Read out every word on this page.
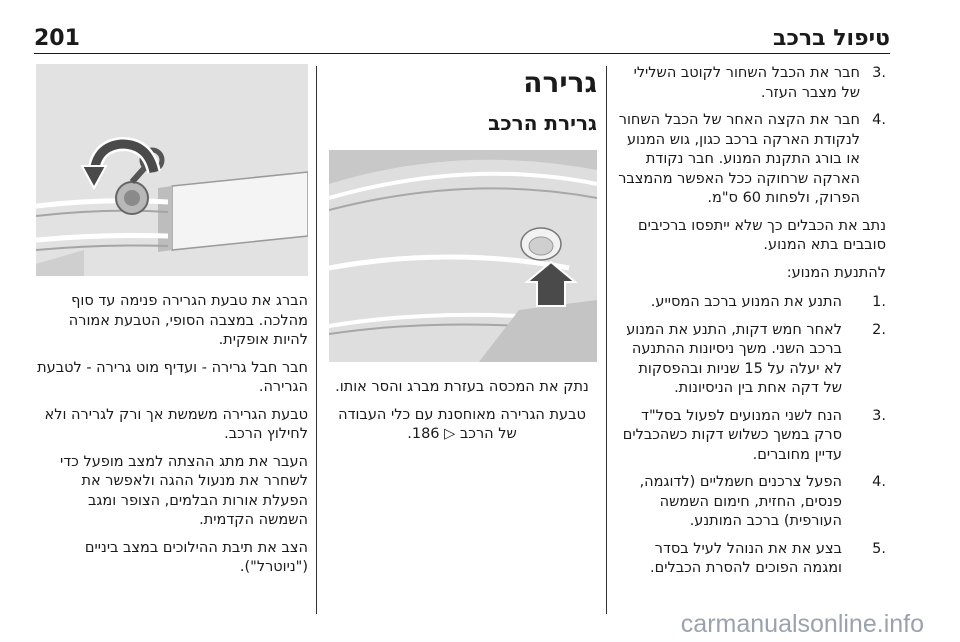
201	טיפול ברכב
3.
חבר את הכבל השחור לקוטב השלילי של מצבר העזר.
4.
חבר את הקצה האחר של הכבל השחור לנקודת הארקה ברכב כגון, גוש המנוע או בורג התקנת המנוע. חבר נקודת הארקה שרחוקה ככל האפשר מהמצבר הפרוק, ולפחות 60 ס"מ.

נתב את הכבלים כך שלא ייתפסו ברכיבים סובבים בתא המנוע.

להתנעת המנוע:

1.
התנע את המנוע ברכב המסייע.
2.
לאחר חמש דקות, התנע את המנוע ברכב השני. משך ניסיונות ההתנעה לא יעלה על 15 שניות ובהפסקות של דקה אחת בין הניסיונות.
3.
הנח לשני המנועים לפעול בסל"ד סרק במשך כשלוש דקות כשהכבלים עדיין מחוברים.
4.
הפעל צרכנים חשמליים (לדוגמה, פנסים, החזית, חימום השמשה העורפית) ברכב המותנע.
5.
בצע את את הנוהל לעיל בסדר ומגמה הפוכים להסרת הכבלים.
גרירה
גרירת הרכב

נתק את המכסה בעזרת מברג והסר אותו.

טבעת הגרירה מאוחסנת עם כלי העבודה של הרכב ▷ 186.

הברג את טבעת הגרירה פנימה עד סוף מהלכה. במצבה הסופי, הטבעת אמורה להיות אופקית.

חבר חבל גרירה - ועדיף מוט גרירה - לטבעת הגרירה.

טבעת הגרירה משמשת אך ורק לגרירה ולא לחילוץ הרכב.

העבר את מתג ההצתה למצב מופעל כדי לשחרר את מנעול ההגה ולאפשר את הפעלת אורות הבלמים, הצופר ומגב השמשה הקדמית.

הצב את תיבת ההילוכים במצב ביניים ("ניוטרל").

carmanualsonline.info
